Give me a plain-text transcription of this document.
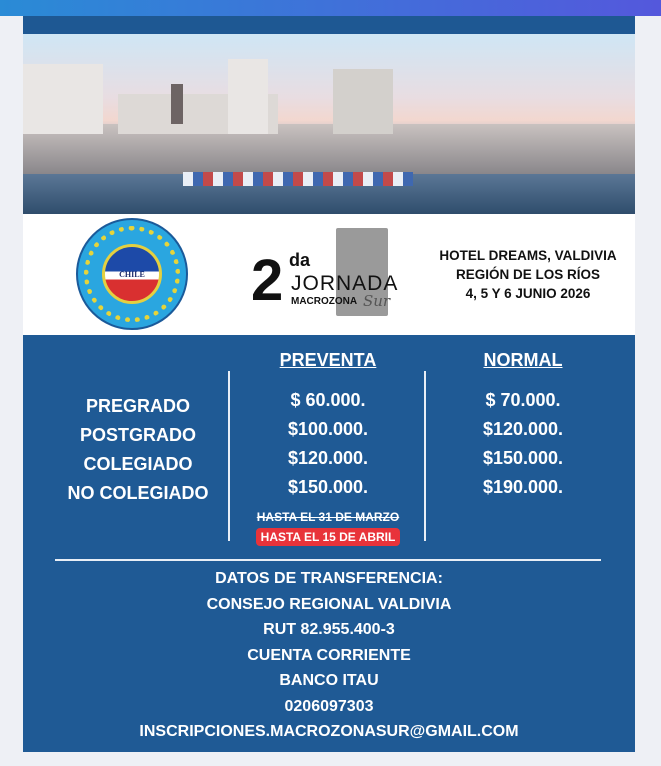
CHILE 2 da
JORNADA
MACROZONA Sur
HOTEL DREAMS, VALDIVIA
REGIÓN DE LOS RÍOS
4, 5 Y 6 JUNIO 2026
PREVENTA	NORMAL
PREGRADO
POSTGRADO
COLEGIADO
NO COLEGIADO
$ 60.000.
$100.000.
$120.000.
$150.000.
$ 70.000.
$120.000.
$150.000.
$190.000.
HASTA EL 31 DE MARZO
HASTA EL 15 DE ABRIL
DATOS DE TRANSFERENCIA:
CONSEJO REGIONAL VALDIVIA
RUT 82.955.400-3
CUENTA CORRIENTE
BANCO ITAU
0206097303
INSCRIPCIONES.MACROZONASUR@GMAIL.COM
